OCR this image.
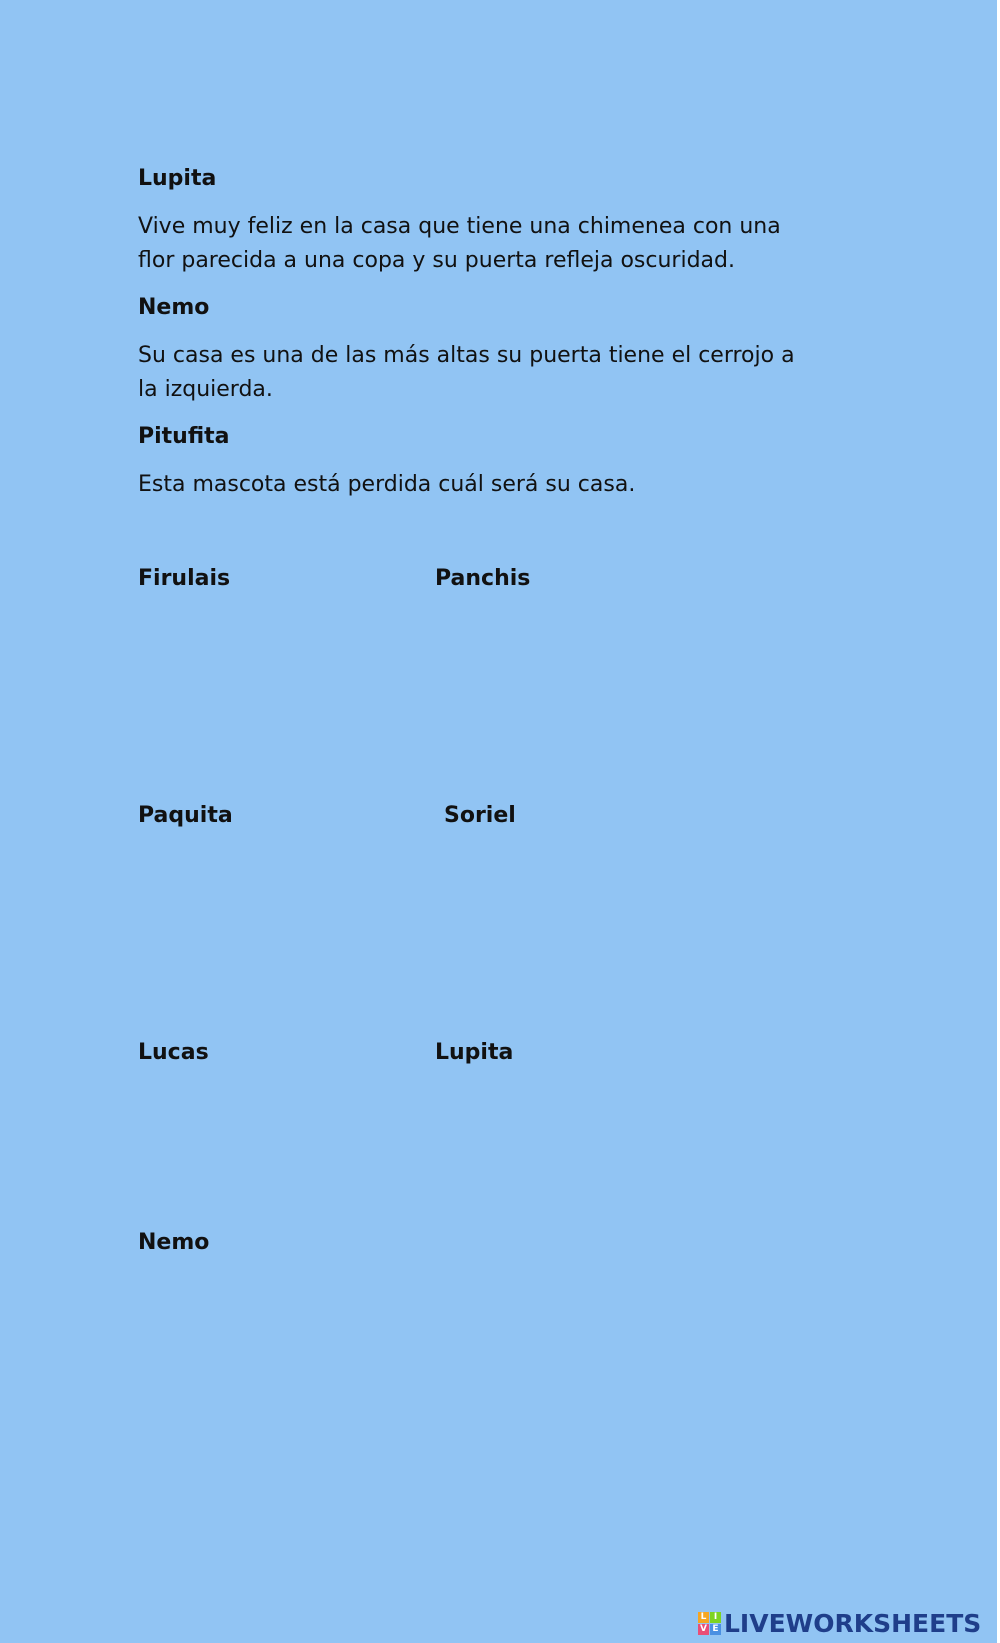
Lupita

Vive muy feliz en la casa que tiene una chimenea con una flor parecida a una copa y su puerta refleja oscuridad.

Nemo

Su casa es una de las más altas su puerta tiene el cerrojo a la izquierda.

Pitufita

Esta mascota está perdida cuál será su casa.

Firulais	Panchis

Paquita	Soriel

Lucas	Lupita

Nemo

L I
V E LIVEWORKSHEETS
